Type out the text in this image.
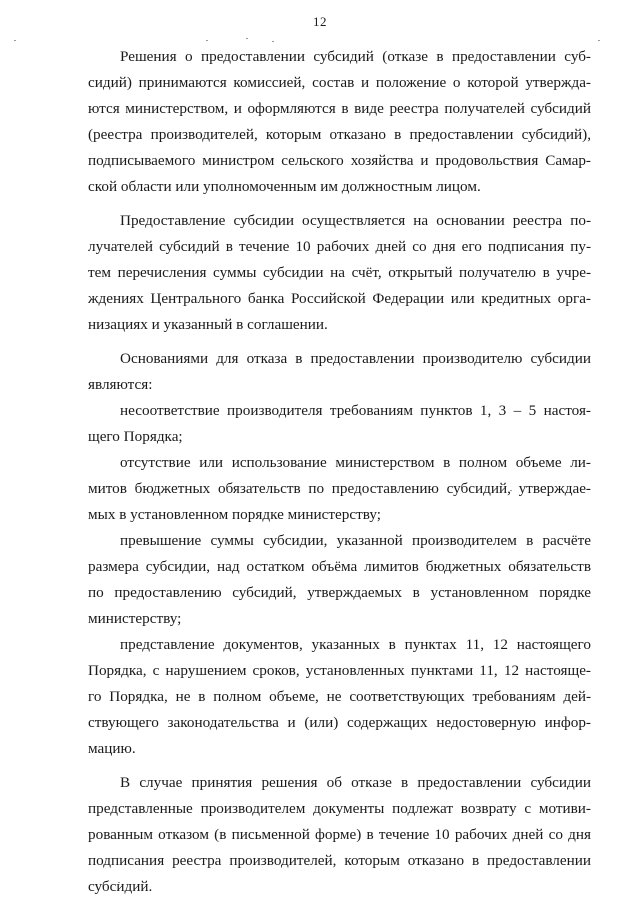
12
Решения о предоставлении субсидий (отказе в предоставлении суб-
сидий) принимаются комиссией, состав и положение о которой утвержда-
ются министерством, и оформляются в виде реестра получателей субсидий
(реестра производителей, которым отказано в предоставлении субсидий),
подписываемого министром сельского хозяйства и продовольствия Самар-
ской области или уполномоченным им должностным лицом.
Предоставление субсидии осуществляется на основании реестра по-
лучателей субсидий в течение 10 рабочих дней со дня его подписания пу-
тем перечисления суммы субсидии на счёт, открытый получателю в учре-
ждениях Центрального банка Российской Федерации или кредитных орга-
низациях и указанный в соглашении.
Основаниями для отказа в предоставлении производителю субсидии
являются:
несоответствие производителя требованиям пунктов 1, 3 – 5 настоя-
щего Порядка;
отсутствие или использование министерством в полном объеме ли-
митов бюджетных обязательств по предоставлению субсидий, утверждае-
мых в установленном порядке министерству;
превышение суммы субсидии, указанной производителем в расчёте
размера субсидии, над остатком объёма лимитов бюджетных обязательств
по предоставлению субсидий, утверждаемых в установленном порядке
министерству;
представление документов, указанных в пунктах 11, 12 настоящего
Порядка, с нарушением сроков, установленных пунктами 11, 12 настояще-
го Порядка, не в полном объеме, не соответствующих требованиям дей-
ствующего законодательства и (или) содержащих недостоверную инфор-
мацию.
В случае принятия решения об отказе в предоставлении субсидии
представленные производителем документы подлежат возврату с мотиви-
рованным отказом (в письменной форме) в течение 10 рабочих дней со дня
подписания реестра производителей, которым отказано в предоставлении
субсидий.
